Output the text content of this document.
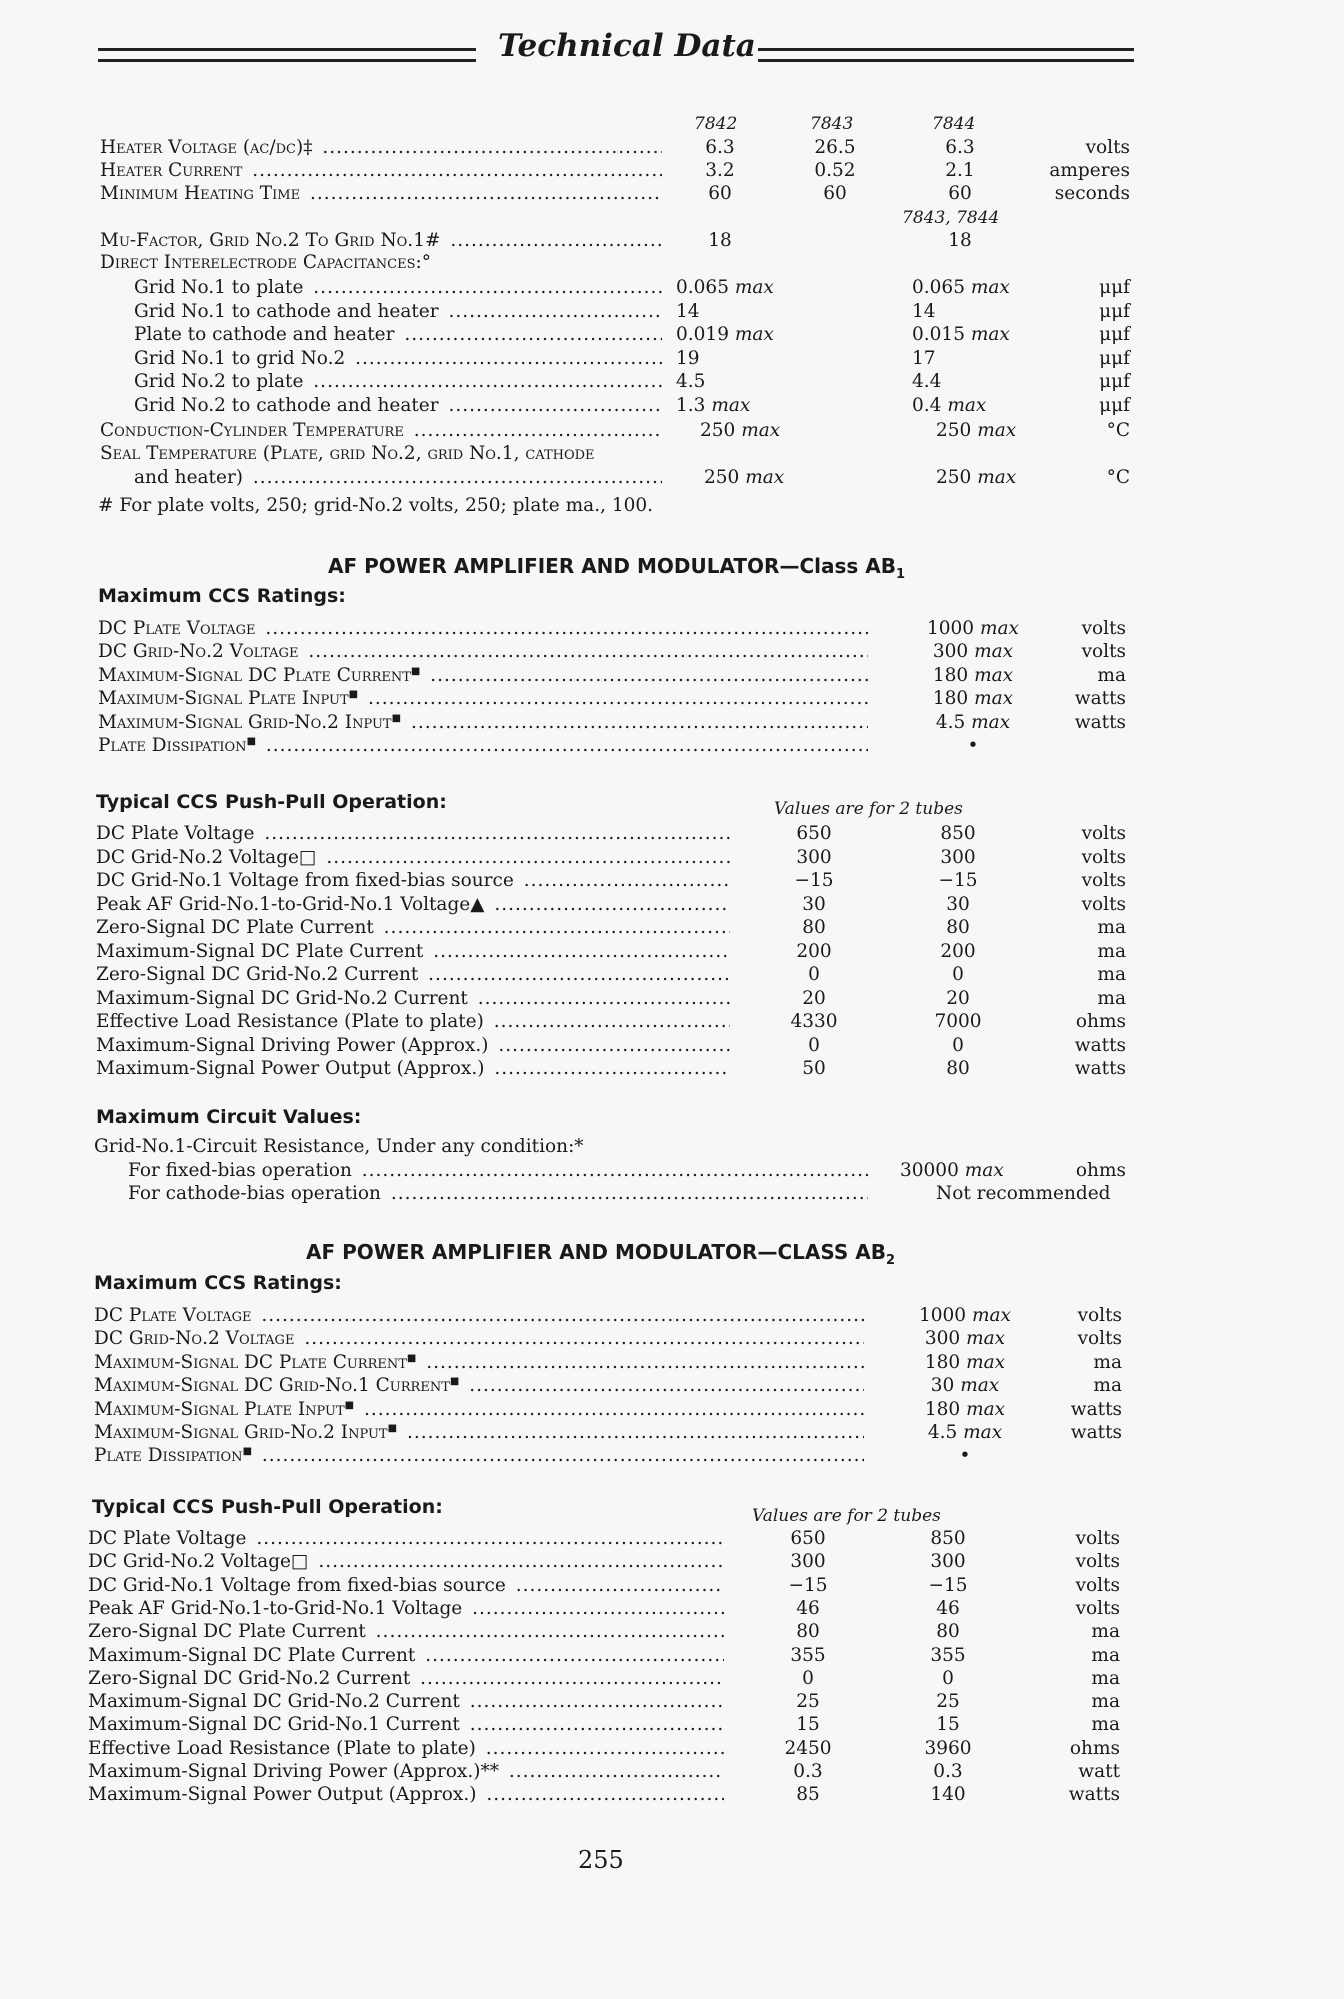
Technical Data
7842	7843	7844
Heater Voltage (ac/dc)‡ .....	6.3	26.5	6.3	volts
Heater Current .....	3.2	0.52	2.1	amperes
Minimum Heating Time .....	60	60	60	seconds
7843, 7844
Mu-Factor, Grid No.2 To Grid No.1# .....	18	18
Direct Interelectrode Capacitances:°
Grid No.1 to plate .....	0.065 max	0.065 max	μμf
Grid No.1 to cathode and heater .....	14	14	μμf
Plate to cathode and heater .....	0.019 max	0.015 max	μμf
Grid No.1 to grid No.2 .....	19	17	μμf
Grid No.2 to plate .....	4.5	4.4	μμf
Grid No.2 to cathode and heater .....	1.3 max	0.4 max	μμf
Conduction-Cylinder Temperature .....	250 max	250 max	°C
Seal Temperature (Plate, grid No.2, grid No.1, cathode
and heater) .....	250 max	250 max	°C
# For plate volts, 250; grid-No.2 volts, 250; plate ma., 100.
AF POWER AMPLIFIER AND MODULATOR—Class $AB_1$
Maximum CCS Ratings:
DC Plate Voltage .....	1000 max	volts
DC Grid-No.2 Voltage .....	300 max	volts
Maximum-Signal DC Plate Current■ .....	180 max	ma
Maximum-Signal Plate Input■ .....	180 max	watts
Maximum-Signal Grid-No.2 Input■ .....	4.5 max	watts
Plate Dissipation■ .....	•
Typical CCS Push-Pull Operation:	Values are for 2 tubes
DC Plate Voltage .....	650	850	volts
DC Grid-No.2 Voltage□ .....	300	300	volts
DC Grid-No.1 Voltage from fixed-bias source .....	−15	−15	volts
Peak AF Grid-No.1-to-Grid-No.1 Voltage▲ .....	30	30	volts
Zero-Signal DC Plate Current .....	80	80	ma
Maximum-Signal DC Plate Current .....	200	200	ma
Zero-Signal DC Grid-No.2 Current .....	0	0	ma
Maximum-Signal DC Grid-No.2 Current .....	20	20	ma
Effective Load Resistance (Plate to plate) .....	4330	7000	ohms
Maximum-Signal Driving Power (Approx.) .....	0	0	watts
Maximum-Signal Power Output (Approx.) .....	50	80	watts
Maximum Circuit Values:
Grid-No.1-Circuit Resistance, Under any condition:*
For fixed-bias operation .....	30000 max	ohms
For cathode-bias operation .....	Not recommended
AF POWER AMPLIFIER AND MODULATOR—CLASS $AB_2$
Maximum CCS Ratings:
DC Plate Voltage .....	1000 max	volts
DC Grid-No.2 Voltage .....	300 max	volts
Maximum-Signal DC Plate Current■ .....	180 max	ma
Maximum-Signal DC Grid-No.1 Current■ .....	30 max	ma
Maximum-Signal Plate Input■ .....	180 max	watts
Maximum-Signal Grid-No.2 Input■ .....	4.5 max	watts
Plate Dissipation■ .....	•
Typical CCS Push-Pull Operation:	Values are for 2 tubes
DC Plate Voltage .....	650	850	volts
DC Grid-No.2 Voltage□ .....	300	300	volts
DC Grid-No.1 Voltage from fixed-bias source .....	−15	−15	volts
Peak AF Grid-No.1-to-Grid-No.1 Voltage .....	46	46	volts
Zero-Signal DC Plate Current .....	80	80	ma
Maximum-Signal DC Plate Current .....	355	355	ma
Zero-Signal DC Grid-No.2 Current .....	0	0	ma
Maximum-Signal DC Grid-No.2 Current .....	25	25	ma
Maximum-Signal DC Grid-No.1 Current .....	15	15	ma
Effective Load Resistance (Plate to plate) .....	2450	3960	ohms
Maximum-Signal Driving Power (Approx.)** .....	0.3	0.3	watt
Maximum-Signal Power Output (Approx.) .....	85	140	watts
255
